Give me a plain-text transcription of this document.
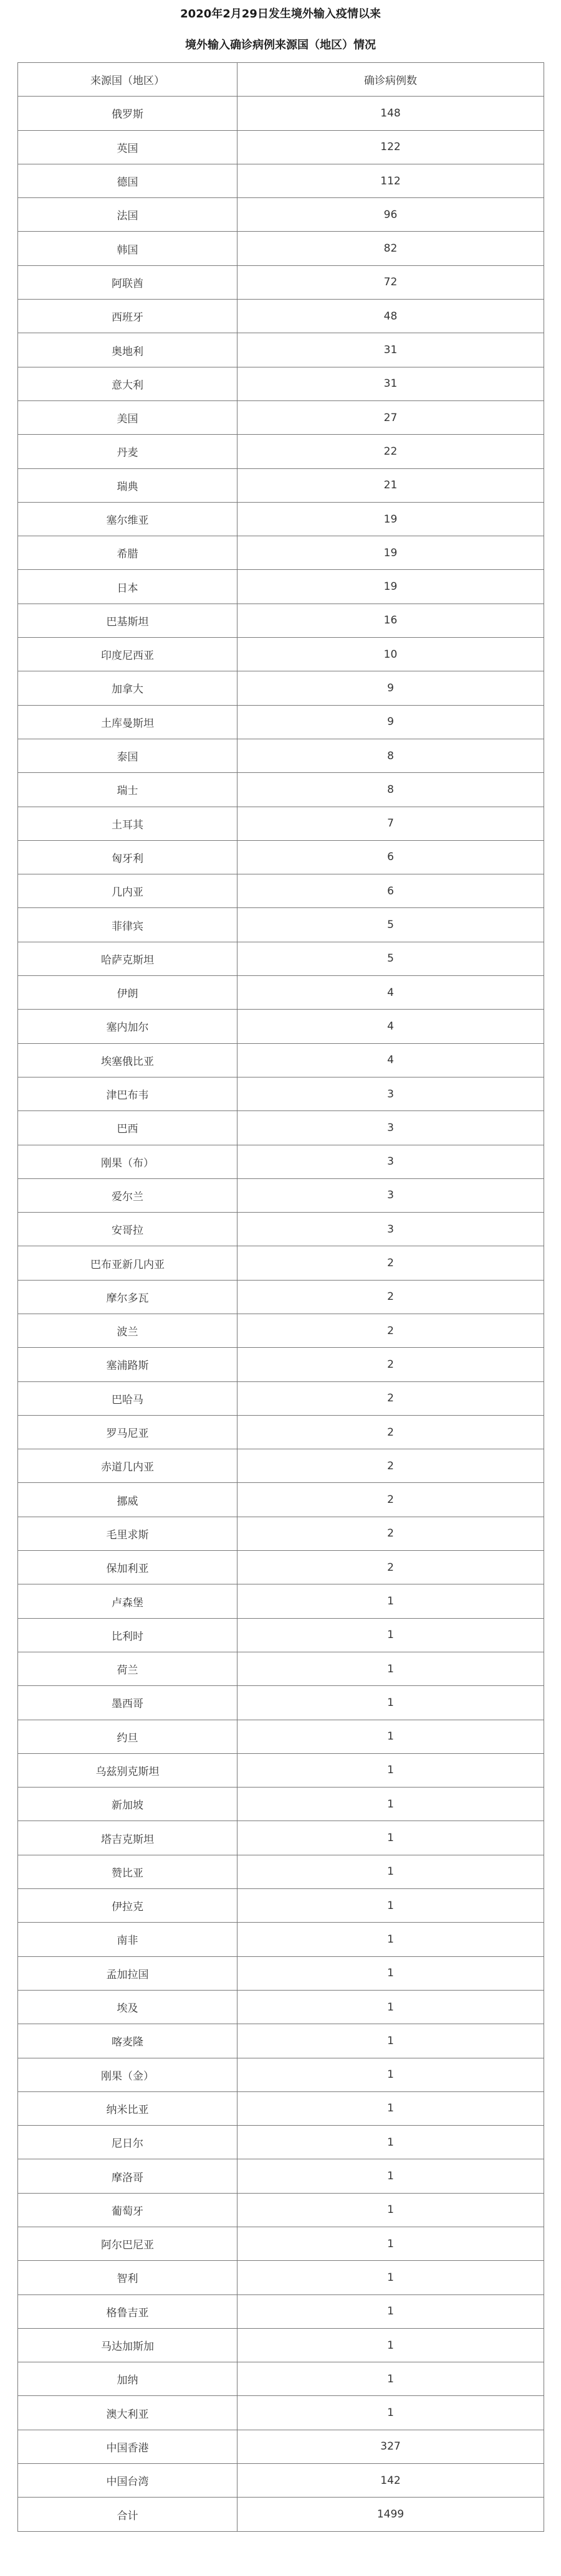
2020年2月29日发生境外输入疫情以来
境外输入确诊病例来源国（地区）情况
来源国（地区）	确诊病例数
俄罗斯	148
英国	122
德国	112
法国	96
韩国	82
阿联酋	72
西班牙	48
奥地利	31
意大利	31
美国	27
丹麦	22
瑞典	21
塞尔维亚	19
希腊	19
日本	19
巴基斯坦	16
印度尼西亚	10
加拿大	9
土库曼斯坦	9
泰国	8
瑞士	8
土耳其	7
匈牙利	6
几内亚	6
菲律宾	5
哈萨克斯坦	5
伊朗	4
塞内加尔	4
埃塞俄比亚	4
津巴布韦	3
巴西	3
刚果（布）	3
爱尔兰	3
安哥拉	3
巴布亚新几内亚	2
摩尔多瓦	2
波兰	2
塞浦路斯	2
巴哈马	2
罗马尼亚	2
赤道几内亚	2
挪威	2
毛里求斯	2
保加利亚	2
卢森堡	1
比利时	1
荷兰	1
墨西哥	1
约旦	1
乌兹别克斯坦	1
新加坡	1
塔吉克斯坦	1
赞比亚	1
伊拉克	1
南非	1
孟加拉国	1
埃及	1
喀麦隆	1
刚果（金）	1
纳米比亚	1
尼日尔	1
摩洛哥	1
葡萄牙	1
阿尔巴尼亚	1
智利	1
格鲁吉亚	1
马达加斯加	1
加纳	1
澳大利亚	1
中国香港	327
中国台湾	142
合计	1499
